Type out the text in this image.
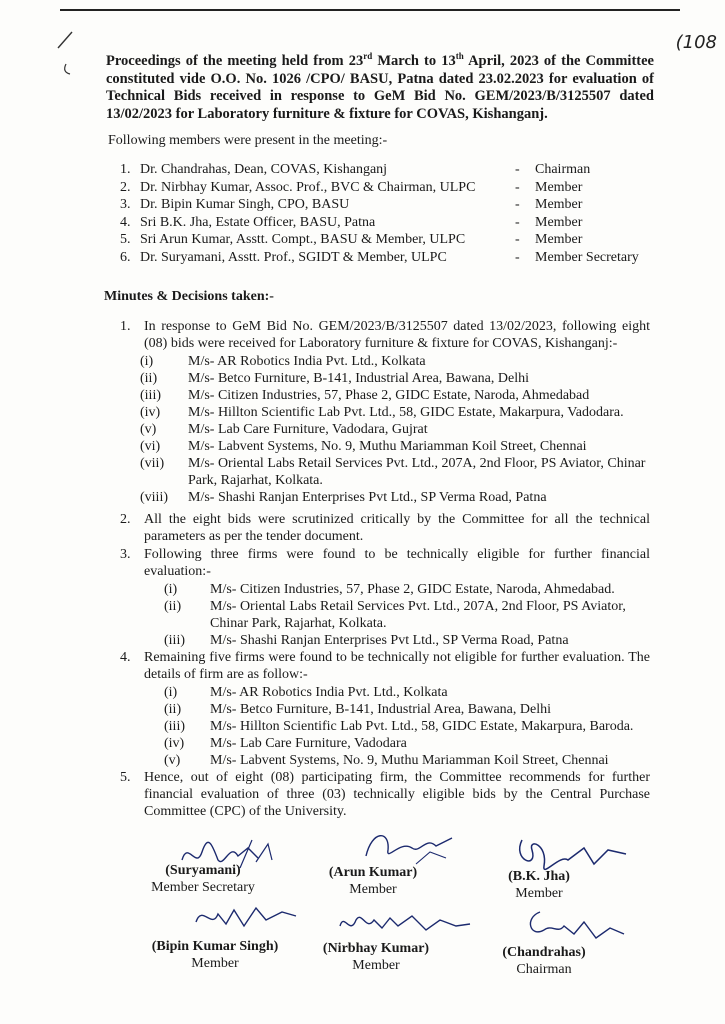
(108
Proceedings of the meeting held from 23rd March to 13th April, 2023 of the Committee constituted vide O.O. No. 1026 /CPO/ BASU, Patna dated 23.02.2023 for evaluation of Technical Bids received in response to GeM Bid No. GEM/2023/B/3125507 dated 13/02/2023 for Laboratory furniture & fixture for COVAS, Kishanganj.
Following members were present in the meeting:-
1. Dr. Chandrahas, Dean, COVAS, Kishanganj	- Chairman
2. Dr. Nirbhay Kumar, Assoc. Prof., BVC & Chairman, ULPC	- Member
3. Dr. Bipin Kumar Singh, CPO, BASU	- Member
4. Sri B.K. Jha, Estate Officer, BASU, Patna	- Member
5. Sri Arun Kumar, Asstt. Compt., BASU & Member, ULPC	- Member
6. Dr. Suryamani, Asstt. Prof., SGIDT & Member, ULPC	- Member Secretary
Minutes & Decisions taken:-
1. In response to GeM Bid No. GEM/2023/B/3125507 dated 13/02/2023, following eight (08) bids were received for Laboratory furniture & fixture for COVAS, Kishanganj:-
(i)	M/s- AR Robotics India Pvt. Ltd., Kolkata
(ii)	M/s- Betco Furniture, B-141, Industrial Area, Bawana, Delhi
(iii)	M/s- Citizen Industries, 57, Phase 2, GIDC Estate, Naroda, Ahmedabad
(iv)	M/s- Hillton Scientific Lab Pvt. Ltd., 58, GIDC Estate, Makarpura, Vadodara.
(v)	M/s- Lab Care Furniture, Vadodara, Gujrat
(vi)	M/s- Labvent Systems, No. 9, Muthu Mariamman Koil Street, Chennai
(vii)	M/s- Oriental Labs Retail Services Pvt. Ltd., 207A, 2nd Floor, PS Aviator, Chinar Park, Rajarhat, Kolkata.
(viii)	M/s- Shashi Ranjan Enterprises Pvt Ltd., SP Verma Road, Patna
2. All the eight bids were scrutinized critically by the Committee for all the technical parameters as per the tender document.
3. Following three firms were found to be technically eligible for further financial evaluation:-
(i)	M/s- Citizen Industries, 57, Phase 2, GIDC Estate, Naroda, Ahmedabad.
(ii)	M/s- Oriental Labs Retail Services Pvt. Ltd., 207A, 2nd Floor, PS Aviator, Chinar Park, Rajarhat, Kolkata.
(iii)	M/s- Shashi Ranjan Enterprises Pvt Ltd., SP Verma Road, Patna
4. Remaining five firms were found to be technically not eligible for further evaluation. The details of firm are as follow:-
(i)	M/s- AR Robotics India Pvt. Ltd., Kolkata
(ii)	M/s- Betco Furniture, B-141, Industrial Area, Bawana, Delhi
(iii)	M/s- Hillton Scientific Lab Pvt. Ltd., 58, GIDC Estate, Makarpura, Baroda.
(iv)	M/s- Lab Care Furniture, Vadodara
(v)	M/s- Labvent Systems, No. 9, Muthu Mariamman Koil Street, Chennai
5. Hence, out of eight (08) participating firm, the Committee recommends for further financial evaluation of three (03) technically eligible bids by the Central Purchase Committee (CPC) of the University.
(Suryamani)
Member Secretary
(Arun Kumar)
Member
(B.K. Jha)
Member
(Bipin Kumar Singh)
Member
(Nirbhay Kumar)
Member
(Chandrahas)
Chairman
